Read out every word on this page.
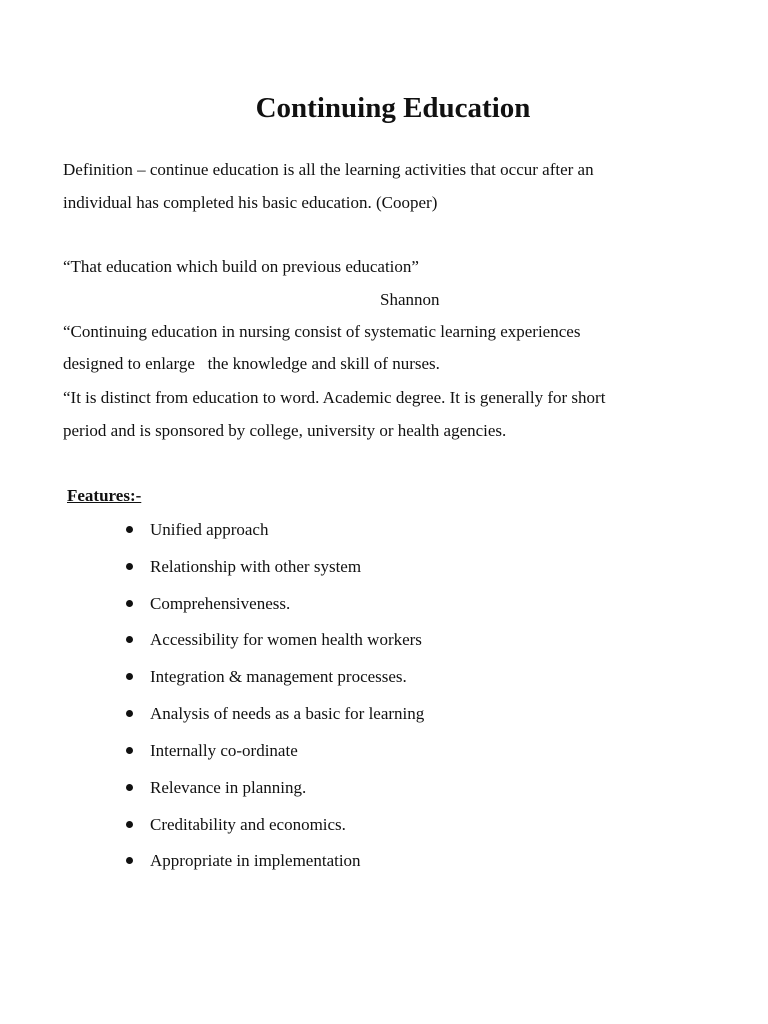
Continuing Education

Definition – continue education is all the learning activities that occur after an

individual has completed his basic education. (Cooper)

“That education which build on previous education”

Shannon

“Continuing education in nursing consist of systematic learning experiences

designed to enlarge   the knowledge and skill of nurses.

“It is distinct from education to word. Academic degree. It is generally for short

period and is sponsored by college, university or health agencies.

Features:-

Unified approach
Relationship with other system
Comprehensiveness.
Accessibility for women health workers
Integration & management processes.
Analysis of needs as a basic for learning
Internally co-ordinate
Relevance in planning.
Creditability and economics.
Appropriate in implementation
